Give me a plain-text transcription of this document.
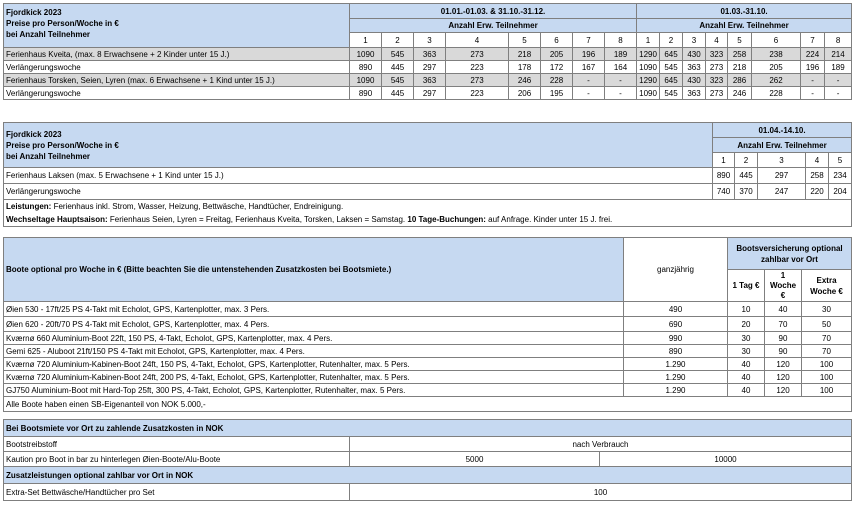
Fjordkick 2023
Preise pro Person/Woche in €
bei Anzahl Teilnehmer	01.01.-01.03. & 31.10.-31.12.								01.03.-31.10.							
	Anzahl Erw. Teilnehmer								Anzahl Erw. Teilnehmer							
	1	2	3	4	5	6	7	8	1	2	3	4	5	6	7	8
Ferienhaus Kveita, (max. 8 Erwachsene + 2 Kinder unter 15 J.)	1090	545	363	273	218	205	196	189	1290	645	430	323	258	238	224	214
Verlängerungswoche	890	445	297	223	178	172	167	164	1090	545	363	273	218	205	196	189
Ferienhaus Torsken, Seien, Lyren (max. 6 Erwachsene + 1 Kind unter 15 J.)	1090	545	363	273	246	228	-	-	1290	645	430	323	286	262	-	-
Verlängerungswoche	890	445	297	223	206	195	-	-	1090	545	363	273	246	228	-	-
Fjordkick 2023
Preise pro Person/Woche in €
bei Anzahl Teilnehmer	01.04.-14.10.				
	Anzahl Erw. Teilnehmer				
	1	2	3	4	5
Ferienhaus Laksen (max. 5 Erwachsene + 1 Kind unter 15 J.)	890	445	297	258	234
Verlängerungswoche	740	370	247	220	204

Leistungen: Ferienhaus inkl. Strom, Wasser, Heizung, Bettwäsche, Handtücher, Endreinigung.
Wechseltage Hauptsaison: Ferienhaus Seien, Lyren = Freitag, Ferienhaus Kveita, Torsken, Laksen = Samstag. 10 Tage-Buchungen: auf Anfrage. Kinder unter 15 J. frei.					
Boote optional pro Woche in € (Bitte beachten Sie die untenstehenden Zusatzkosten bei Bootsmiete.)	ganzjährig	Bootsversicherung optional zahlbar vor Ort		
		1 Tag €	1 Woche €	Extra Woche €
Øien 530 - 17ft/25 PS 4-Takt mit Echolot, GPS, Kartenplotter, max. 3 Pers.	490	10	40	30
Øien 620 - 20ft/70 PS 4-Takt mit Echolot, GPS, Kartenplotter, max. 4 Pers.	690	20	70	50
Kværnø 660 Aluminium-Boot 22ft, 150 PS, 4-Takt, Echolot, GPS, Kartenplotter, max. 4 Pers.	990	30	90	70
Gemi 625 - Aluboot 21ft/150 PS 4-Takt mit Echolot, GPS, Kartenplotter, max. 4 Pers.	890	30	90	70
Kværnø 720 Aluminium-Kabinen-Boot 24ft, 150 PS, 4-Takt, Echolot, GPS, Kartenplotter, Rutenhalter, max. 5 Pers.	1.290	40	120	100
Kværnø 720 Aluminium-Kabinen-Boot 24ft, 200 PS, 4-Takt, Echolot, GPS, Kartenplotter, Rutenhalter, max. 5 Pers.	1.290	40	120	100
GJ750 Aluminium-Boot mit Hard-Top 25ft, 300 PS, 4-Takt, Echolot, GPS, Kartenplotter, Rutenhalter, max. 5 Pers.	1.290	40	120	100
Alle Boote haben einen SB-Eigenanteil von NOK 5.000,-				
Bei Bootsmiete vor Ort zu zahlende Zusatzkosten in NOK		
Bootstreibstoff	nach Verbrauch	
Kaution pro Boot in bar zu hinterlegen Øien-Boote/Alu-Boote	5000	10000
Zusatzleistungen optional zahlbar vor Ort in NOK		
Extra-Set Bettwäsche/Handtücher pro Set	100	
